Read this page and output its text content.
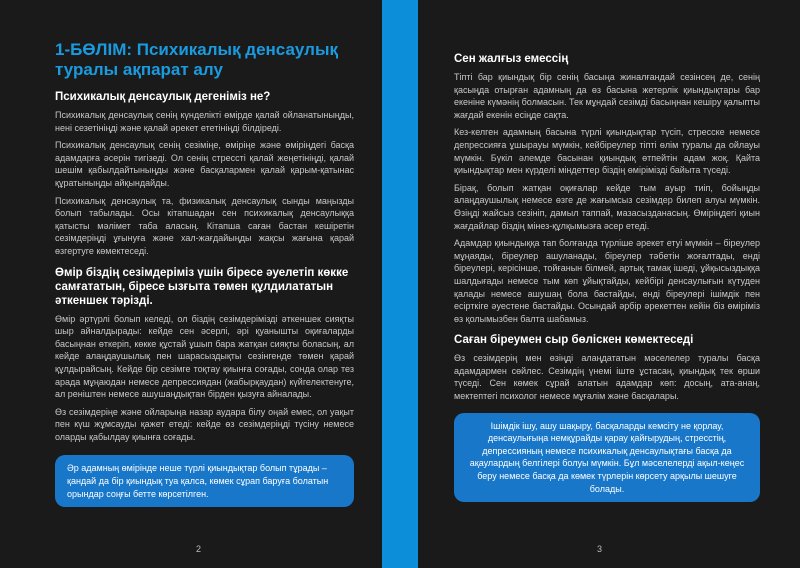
1-БӨЛІМ: Психикалық денсаулық туралы ақпарат алу
Психикалық денсаулық дегеніміз не?

Психикалық денсаулық сенің күнделікті өмірде қалай ойланатыныңды, нені сезетініңді және қалай әрекет ететініңді білдіреді.

Психикалық денсаулық сенің сезіміңе, өміріңе және өміріңдегі басқа адамдарға әсерін тигізеді. Ол сенің стрессті қалай жеңетініңді, қалай шешім қабылдайтыныңды және басқалармен қалай қарым-қатынас құратыныңды айқындайды.

Психикалық денсаулық та, физикалық денсаулық сынды маңызды болып табылады. Осы кітапшадан сен психикалық денсаулыққа қатысты мәлімет таба аласың. Кітапша саған бастан кешіретін сезімдеріңді ұғынуға және хал-жағдайыңды жақсы жағына қарай өзгертуге көмектеседі.

Өмір біздің сезімдеріміз үшін біресе әуелетіп көкке самғататын, біресе ызғыта төмен құлдилататын әткеншек тәрізді.

Өмір әртүрлі болып келеді, ол біздің сезімдерімізді әткеншек сияқты шыр айналдырады: кейде сен әсерлі, әрі қуанышты оқиғаларды басыңнан өткеріп, көкке құстай ұшып бара жатқан сияқты боласың, ал кейде алаңдаушылық пен шарасыздықты сезінгенде төмен қарай құлдырайсың. Кейде бір сезімге тоқтау қиынға соғады, сонда олар тез арада мұңаюдан немесе депрессиядан (жабырқаудан) күйгелектенуге, ал реніштен немесе ашушаңдықтан бірден қызуға айналады.

Өз сезімдеріңе және ойларыңа назар аудара білу оңай емес, ол уақыт пен күш жұмсауды қажет етеді: кейде өз сезімдеріңді түсіну немесе оларды қабылдау қиынға соғады.

Әр адамның өмірінде неше түрлі қиындықтар болып тұрады – қандай да бір қиындық туа қалса, көмек сұрап баруға болатын орындар соңғы бетте көрсетілген.
Сен жалғыз емессің

Тіпті бар қиындық бір сенің басыңа жиналғандай сезінсең де, сенің қасыңда отырған адамның да өз басына жетерлік қиындықтары бар екеніне күмәнің болмасын. Тек мұндай сезімді басыңнан кешіру қалыпты жағдай екенін есіңде сақта.

Кез-келген адамның басына түрлі қиындықтар түсіп, стресске немесе депрессияға ұшырауы мүмкін, кейбіреулер тіпті өлім туралы да ойлауы мүмкін. Бүкіл әлемде басынан қиындық өтпейтін адам жоқ. Қайта қиындықтар мен күрделі міндеттер біздің өмірімізді байыта түседі.

Бірақ, болып жатқан оқиғалар кейде тым ауыр тиіп, бойыңды алаңдаушылық немесе өзге де жағымсыз сезімдер билеп алуы мүмкін. Өзіңді жайсыз сезініп, дамыл таппай, мазасызданасың. Өміріңдегі қиын жағдайлар біздің мінез-құлқымызға әсер етеді.

Адамдар қиындыққа тап болғанда түрліше әрекет етуі мүмкін – біреулер мұңаяды, біреулер ашуланады, біреулер тәбетін жоғалтады, енді біреулері, керісінше, тойғанын білмей, артық тамақ ішеді, ұйқысыздыққа шалдығады немесе тым көп ұйықтайды, кейбірі денсаулығын күтуден қалады немесе ашушаң бола бастайды, енді біреулері ішімдік пен есірткіге әуестене бастайды. Осындай әрбір әрекеттен кейін біз өміріміз өз қолымызбен балта шабамыз.

Саған біреумен сыр бөліскен көмектеседі

Өз сезімдерің мен өзіңді алаңдататын мәселелер туралы басқа адамдармен сөйлес. Сезімдің үнемі іште ұстасаң, қиындық тек өрши түседі. Сен көмек сұрай алатын адамдар көп: досың, ата-анаң, мектептегі психолог немесе мұғалім және басқалары.

Ішімдік ішу, ашу шақыру, басқаларды кемсіту не қорлау, денсаулығыңа немқұрайды қарау қайғырудың, стресстің, депрессияның немесе психикалық денсаулықтағы басқа да ақаулардың белгілері болуы мүмкін. Бұл мәселелерді ақыл-кеңес беру немесе басқа да көмек түрлерін көрсету арқылы шешуге болады.
2	3
